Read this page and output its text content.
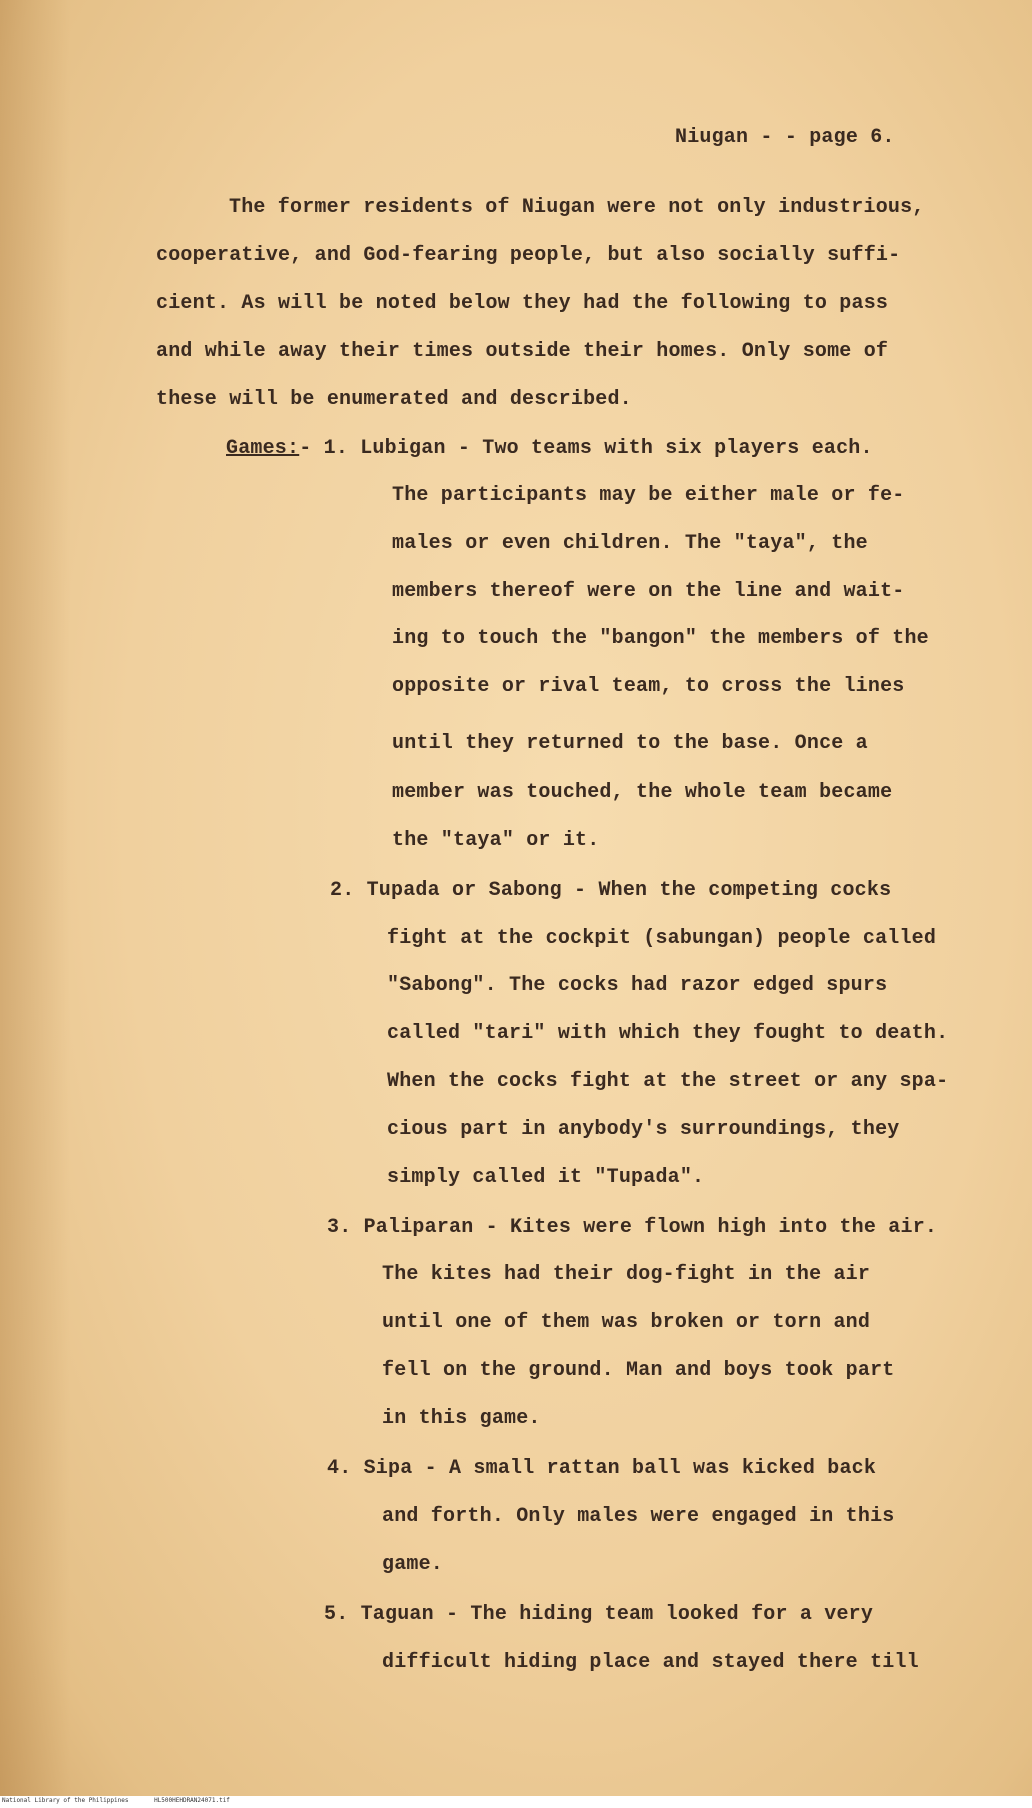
Niugan - - page 6.
The former residents of Niugan were not only industrious,
cooperative, and God-fearing people, but also socially suffi-
cient. As will be noted below they had the following to pass
and while away their times outside their homes. Only some of
these will be enumerated and described.
Games:- 1. Lubigan - Two teams with six players each.
The participants may be either male or fe-
males or even children. The "taya", the
members thereof were on the line and wait-
ing to touch the "bangon" the members of the
opposite or rival team, to cross the lines
until they returned to the base. Once a
member was touched, the whole team became
the "taya" or it.
2. Tupada or Sabong - When the competing cocks
fight at the cockpit (sabungan) people called
"Sabong". The cocks had razor edged spurs
called "tari" with which they fought to death.
When the cocks fight at the street or any spa-
cious part in anybody's surroundings, they
simply called it "Tupada".
3. Paliparan - Kites were flown high into the air.
The kites had their dog-fight in the air
until one of them was broken or torn and
fell on the ground. Man and boys took part
in this game.
4. Sipa - A small rattan ball was kicked back
and forth. Only males were engaged in this
game.
5. Taguan - The hiding team looked for a very
difficult hiding place and stayed there till
National Library of the Philippines	HL500HEHDRAN24071.tif
